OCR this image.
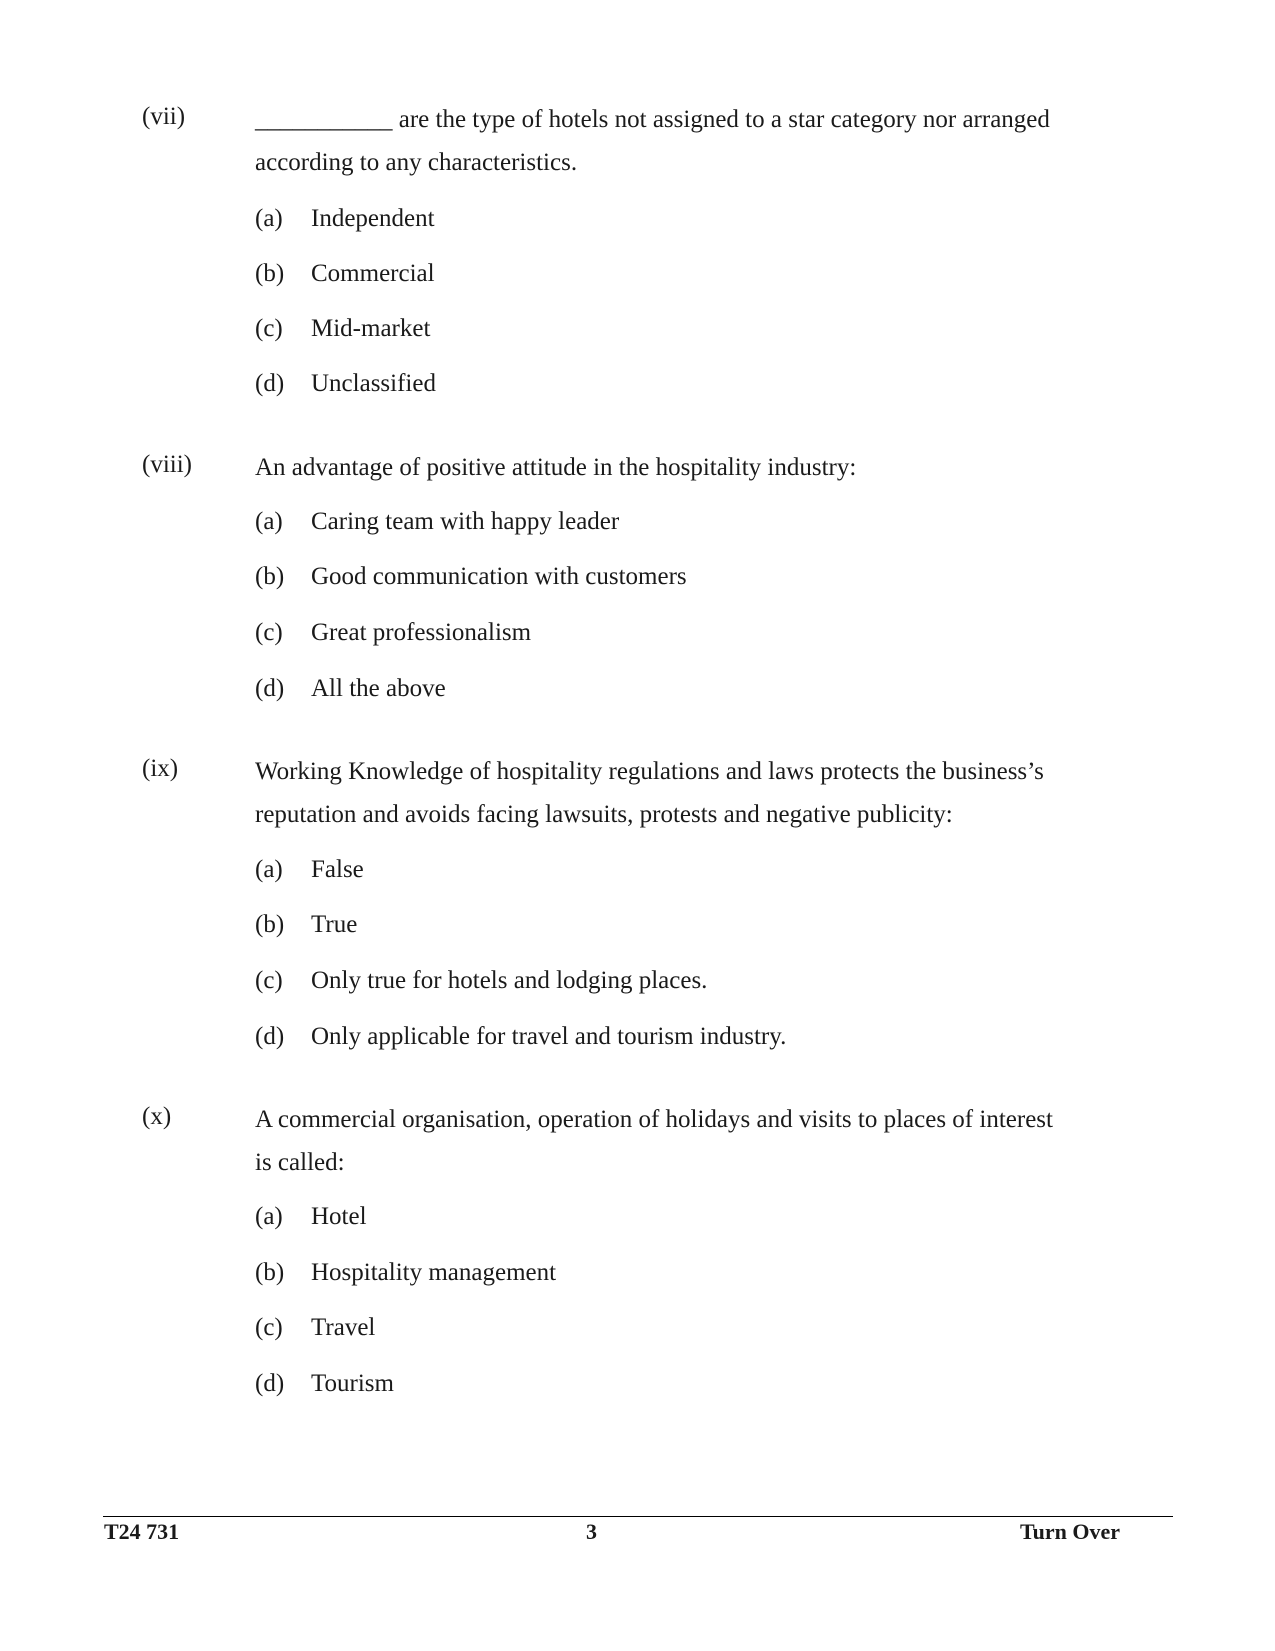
(vii)	___________ are the type of hotels not assigned to a star category nor arranged according to any characteristics.
(a) Independent
(b) Commercial
(c) Mid-market
(d) Unclassified
(viii)	An advantage of positive attitude in the hospitality industry:
(a) Caring team with happy leader
(b) Good communication with customers
(c) Great professionalism
(d) All the above
(ix)	Working Knowledge of hospitality regulations and laws protects the business’s reputation and avoids facing lawsuits, protests and negative publicity:
(a) False
(b) True
(c) Only true for hotels and lodging places.
(d) Only applicable for travel and tourism industry.
(x)	A commercial organisation, operation of holidays and visits to places of interest is called:
(a) Hotel
(b) Hospitality management
(c) Travel
(d) Tourism
T24 731	3	Turn Over
